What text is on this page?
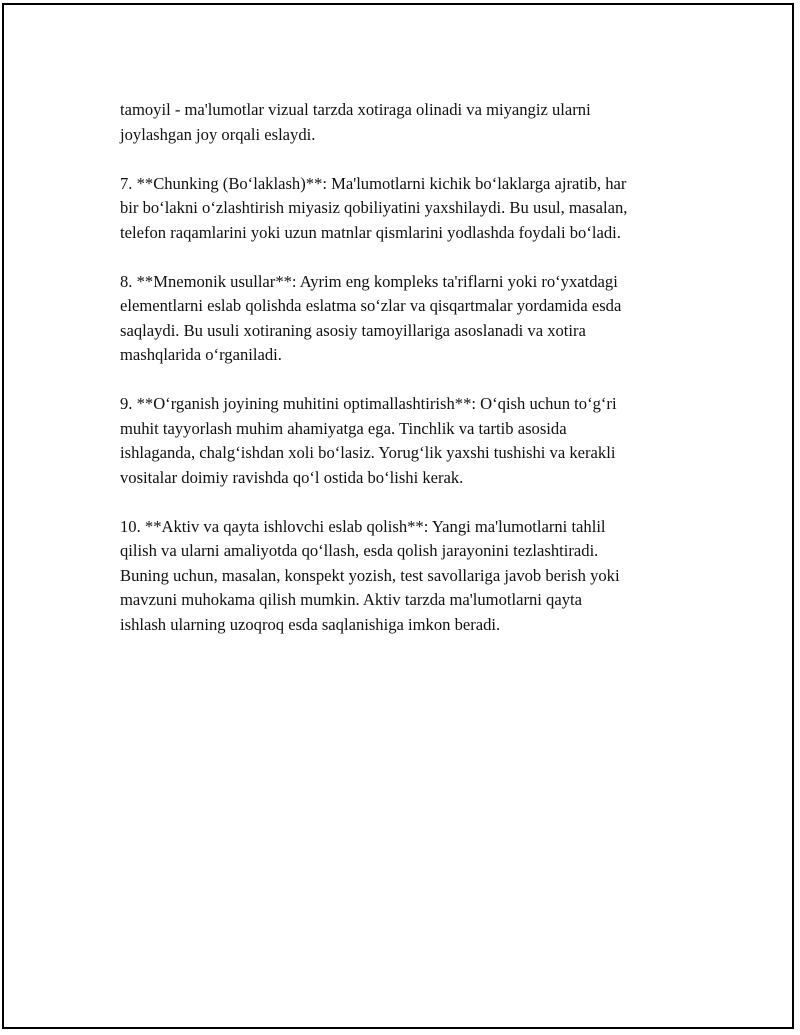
tamoyil - ma'lumotlar vizual tarzda xotiraga olinadi va miyangiz ularni
joylashgan joy orqali eslaydi.

7. **Chunking (Bo‘laklash)**: Ma'lumotlarni kichik bo‘laklarga ajratib, har
bir bo‘lakni o‘zlashtirish miyasiz qobiliyatini yaxshilaydi. Bu usul, masalan,
telefon raqamlarini yoki uzun matnlar qismlarini yodlashda foydali bo‘ladi.

8. **Mnemonik usullar**: Ayrim eng kompleks ta'riflarni yoki ro‘yxatdagi
elementlarni eslab qolishda eslatma so‘zlar va qisqartmalar yordamida esda
saqlaydi. Bu usuli xotiraning asosiy tamoyillariga asoslanadi va xotira
mashqlarida o‘rganiladi.

9. **O‘rganish joyining muhitini optimallashtirish**: O‘qish uchun to‘g‘ri
muhit tayyorlash muhim ahamiyatga ega. Tinchlik va tartib asosida
ishlaganda, chalg‘ishdan xoli bo‘lasiz. Yorug‘lik yaxshi tushishi va kerakli
vositalar doimiy ravishda qo‘l ostida bo‘lishi kerak.

10. **Aktiv va qayta ishlovchi eslab qolish**: Yangi ma'lumotlarni tahlil
qilish va ularni amaliyotda qo‘llash, esda qolish jarayonini tezlashtiradi.
Buning uchun, masalan, konspekt yozish, test savollariga javob berish yoki
mavzuni muhokama qilish mumkin. Aktiv tarzda ma'lumotlarni qayta
ishlash ularning uzoqroq esda saqlanishiga imkon beradi.
